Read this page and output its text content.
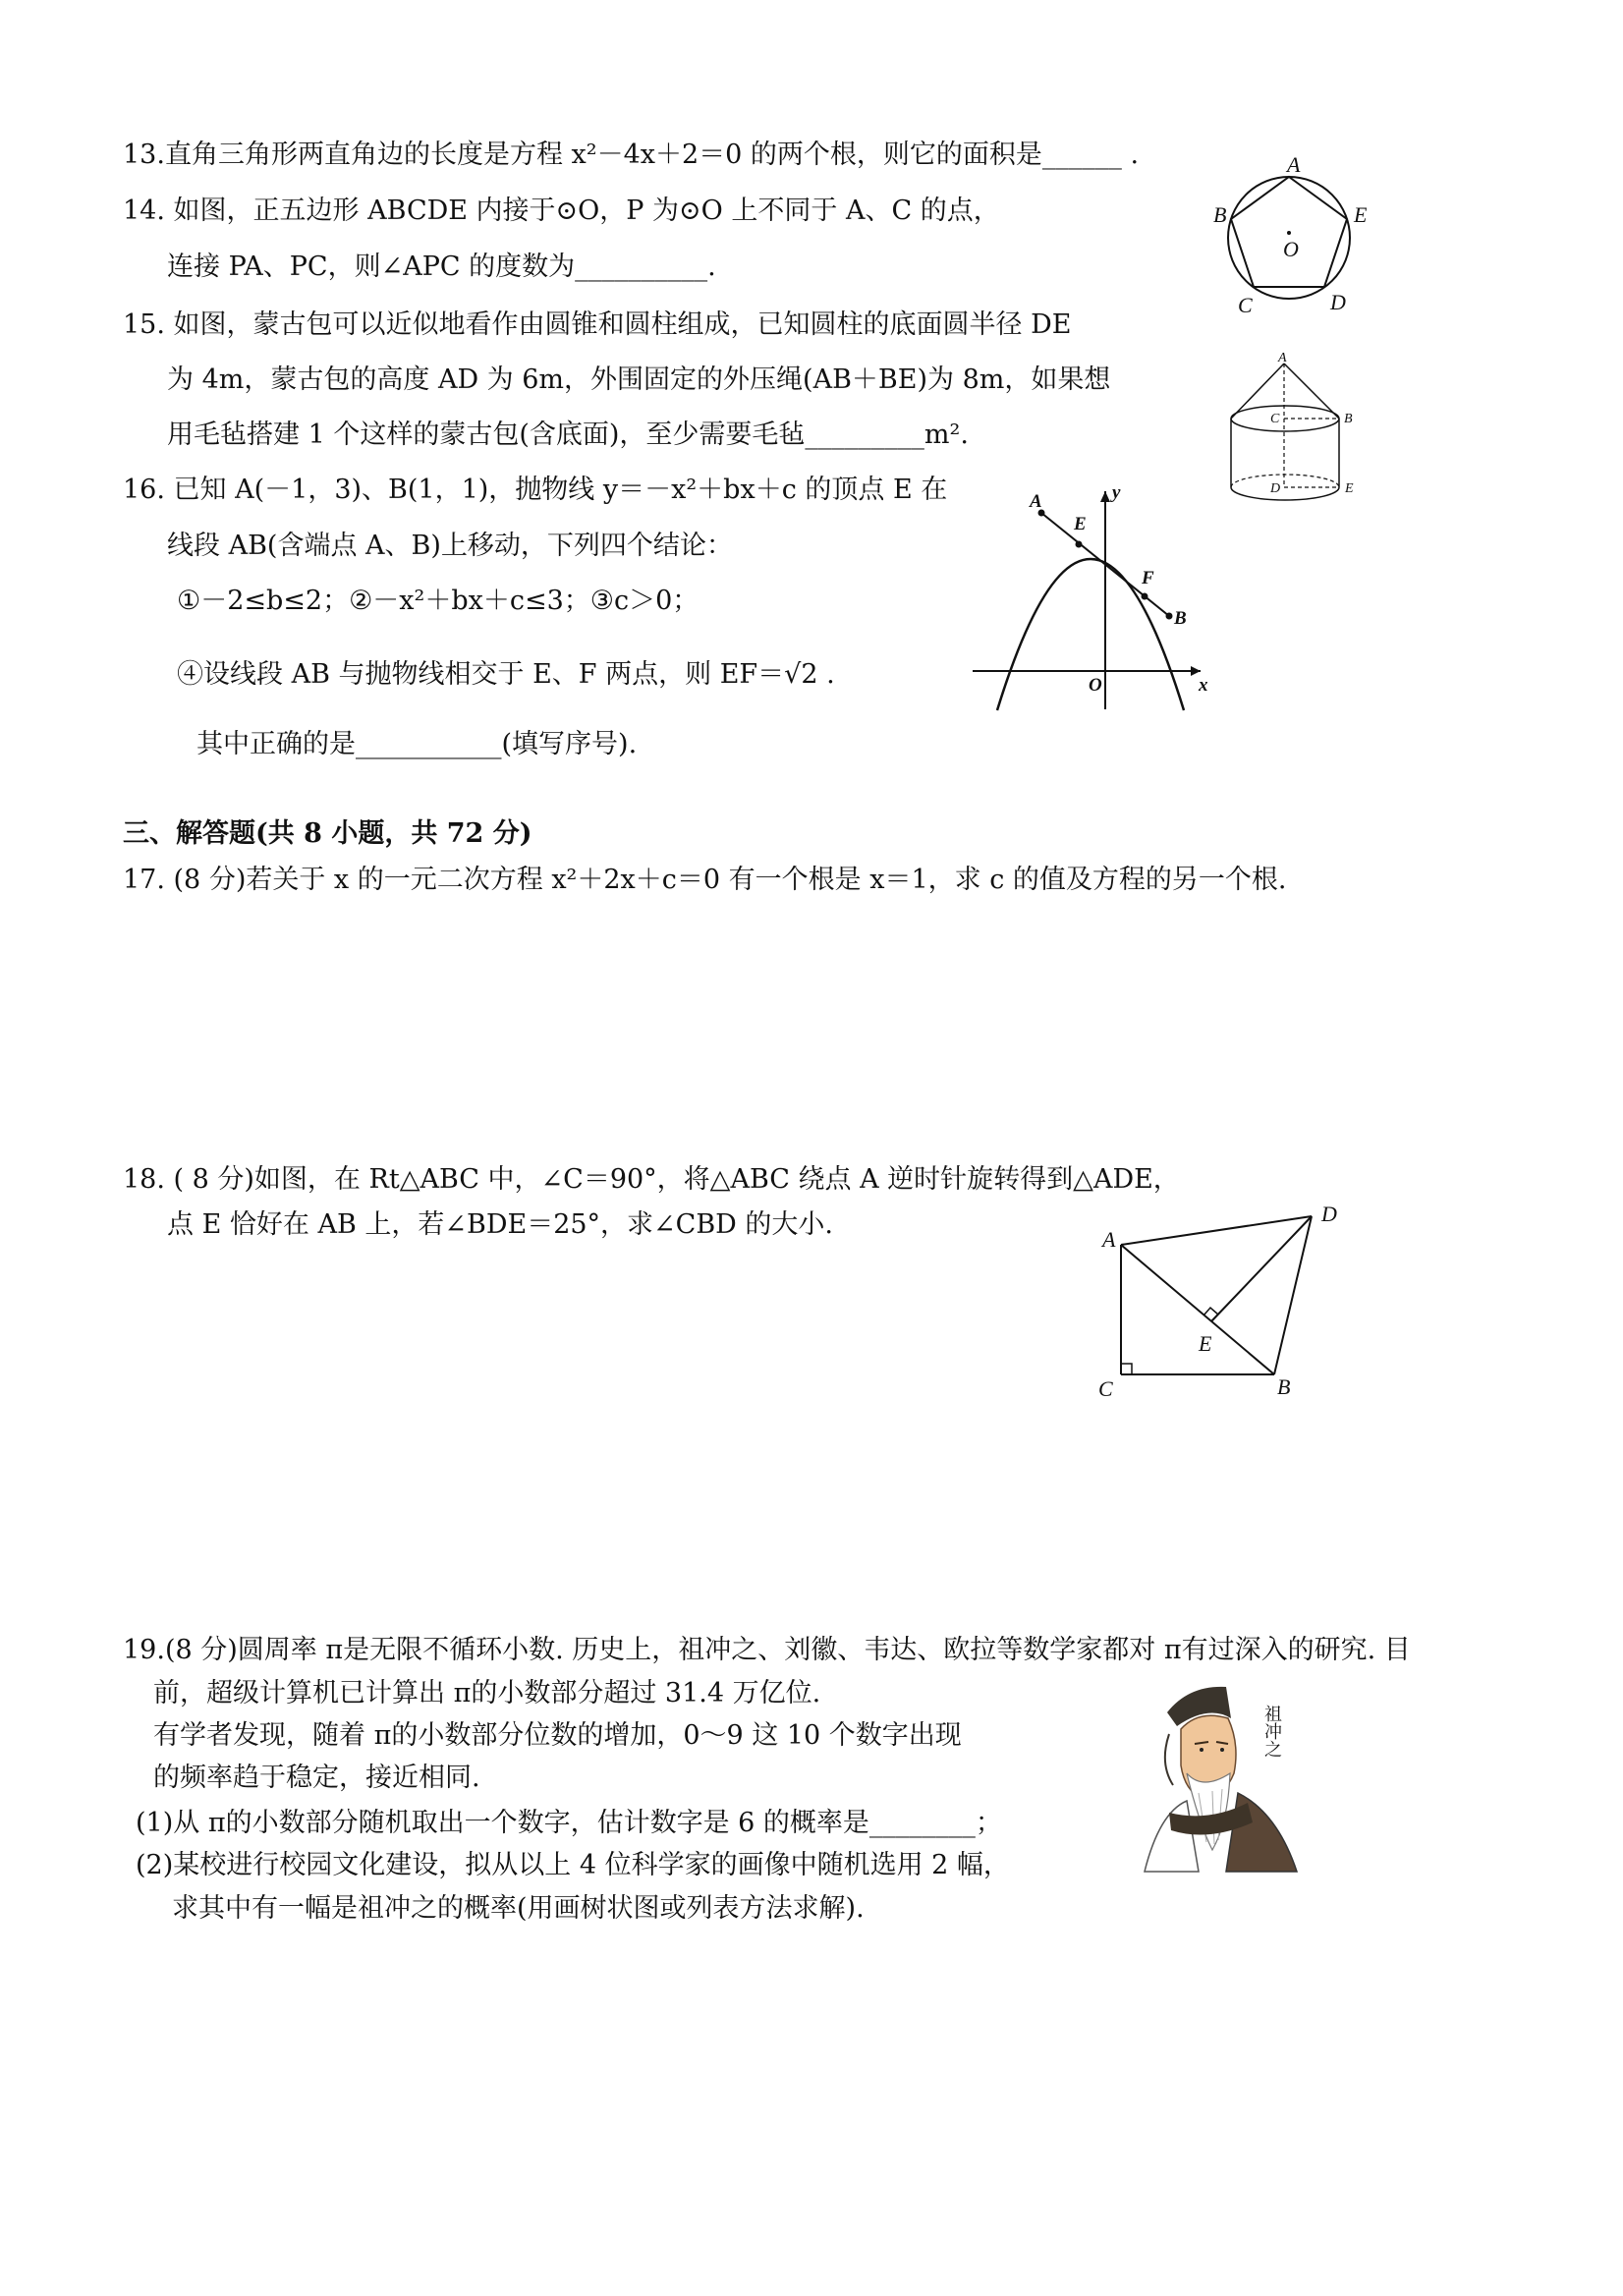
13.直角三角形两直角边的长度是方程 x²－4x＋2＝0 的两个根，则它的面积是______ .
14. 如图，正五边形 ABCDE 内接于⊙O，P 为⊙O 上不同于 A、C 的点，
连接 PA、PC，则∠APC 的度数为__________.
A
B
C	D
E
O
15. 如图，蒙古包可以近似地看作由圆锥和圆柱组成，已知圆柱的底面圆半径 DE
为 4m，蒙古包的高度 AD 为 6m，外围固定的外压绳(AB＋BE)为 8m，如果想
用毛毡搭建 1 个这样的蒙古包(含底面)，至少需要毛毡_________m².
A
B
C
D	E
16. 已知 A(－1，3)、B(1，1)，抛物线 y＝－x²＋bx＋c 的顶点 E 在
线段 AB(含端点 A、B)上移动，下列四个结论：
①－2≤b≤2；②－x²＋bx＋c≤3；③c＞0；
④设线段 AB 与抛物线相交于 E、F 两点，则 EF＝√2 .
其中正确的是___________(填写序号).
A
B
E
F
O	x
y
三、解答题(共 8 小题，共 72 分)
17. (8 分)若关于 x 的一元二次方程 x²＋2x＋c＝0 有一个根是 x＝1，求 c 的值及方程的另一个根.
18. ( 8 分)如图，在 Rt△ABC 中，∠C＝90°，将△ABC 绕点 A 逆时针旋转得到△ADE，
点 E 恰好在 AB 上，若∠BDE＝25°，求∠CBD 的大小.	A
B
C
D
E
19.(8 分)圆周率 π是无限不循环小数. 历史上，祖冲之、刘徽、韦达、欧拉等数学家都对 π有过深入的研究. 目
前，超级计算机已计算出 π的小数部分超过 31.4 万亿位.
有学者发现，随着 π的小数部分位数的增加，0～9 这 10 个数字出现
的频率趋于稳定，接近相同.
(1)从 π的小数部分随机取出一个数字，估计数字是 6 的概率是________；
(2)某校进行校园文化建设，拟从以上 4 位科学家的画像中随机选用 2 幅，
求其中有一幅是祖冲之的概率(用画树状图或列表方法求解).
祖冲之
